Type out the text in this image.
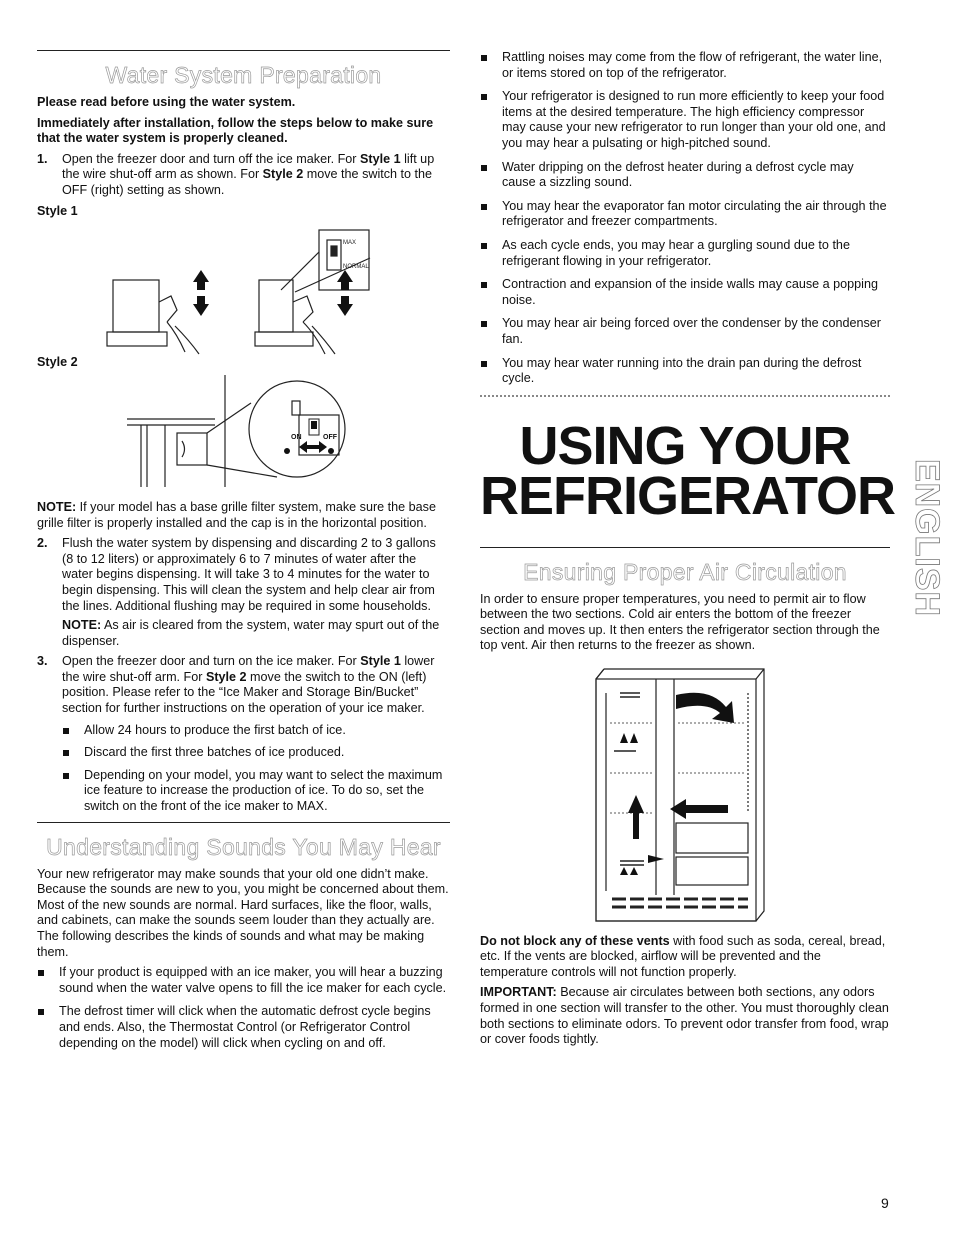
Water System Preparation

Please read before using the water system.

Immediately after installation, follow the steps below to make sure that the water system is properly cleaned.

1. Open the freezer door and turn off the ice maker. For Style 1 lift up the wire shut-off arm as shown. For Style 2 move the switch to the OFF (right) setting as shown.
Style 1
MAX
NORMAL
Style 2
ON	OFF

NOTE: If your model has a base grille filter system, make sure the base grille filter is properly installed and the cap is in the horizontal position.

2. Flush the water system by dispensing and discarding 2 to 3 gallons (8 to 12 liters) or approximately 6 to 7 minutes of water after the water begins dispensing. It will take 3 to 4 minutes for the water to begin dispensing. This will clean the system and help clear air from the lines. Additional flushing may be required in some households.

NOTE: As air is cleared from the system, water may spurt out of the dispenser.

3. Open the freezer door and turn on the ice maker. For Style 1 lower the wire shut-off arm. For Style 2 move the switch to the ON (left) position. Please refer to the “Ice Maker and Storage Bin/Bucket” section for further instructions on the operation of your ice maker.
Allow 24 hours to produce the first batch of ice.
Discard the first three batches of ice produced.
Depending on your model, you may want to select the maximum ice feature to increase the production of ice. To do so, set the switch on the front of the ice maker to MAX.
Understanding Sounds You May Hear

Your new refrigerator may make sounds that your old one didn’t make. Because the sounds are new to you, you might be concerned about them. Most of the new sounds are normal. Hard surfaces, like the floor, walls, and cabinets, can make the sounds seem louder than they actually are. The following describes the kinds of sounds and what may be making them.

If your product is equipped with an ice maker, you will hear a buzzing sound when the water valve opens to fill the ice maker for each cycle.
The defrost timer will click when the automatic defrost cycle begins and ends. Also, the Thermostat Control (or Refrigerator Control depending on the model) will click when cycling on and off.
Rattling noises may come from the flow of refrigerant, the water line, or items stored on top of the refrigerator.
Your refrigerator is designed to run more efficiently to keep your food items at the desired temperature. The high efficiency compressor may cause your new refrigerator to run longer than your old one, and you may hear a pulsating or high-pitched sound.
Water dripping on the defrost heater during a defrost cycle may cause a sizzling sound.
You may hear the evaporator fan motor circulating the air through the refrigerator and freezer compartments.
As each cycle ends, you may hear a gurgling sound due to the refrigerant flowing in your refrigerator.
Contraction and expansion of the inside walls may cause a popping noise.
You may hear air being forced over the condenser by the condenser fan.
You may hear water running into the drain pan during the defrost cycle.
USING YOUR
REFRIGERATOR
Ensuring Proper Air Circulation

In order to ensure proper temperatures, you need to permit air to flow between the two sections. Cold air enters the bottom of the freezer section and moves up. It then enters the refrigerator section through the top vent. Air then returns to the freezer as shown.

Do not block any of these vents with food such as soda, cereal, bread, etc. If the vents are blocked, airflow will be prevented and the temperature controls will not function properly.

IMPORTANT: Because air circulates between both sections, any odors formed in one section will transfer to the other. You must thoroughly clean both sections to eliminate odors. To prevent odor transfer from food, wrap or cover foods tightly.

ENGLISH
9
